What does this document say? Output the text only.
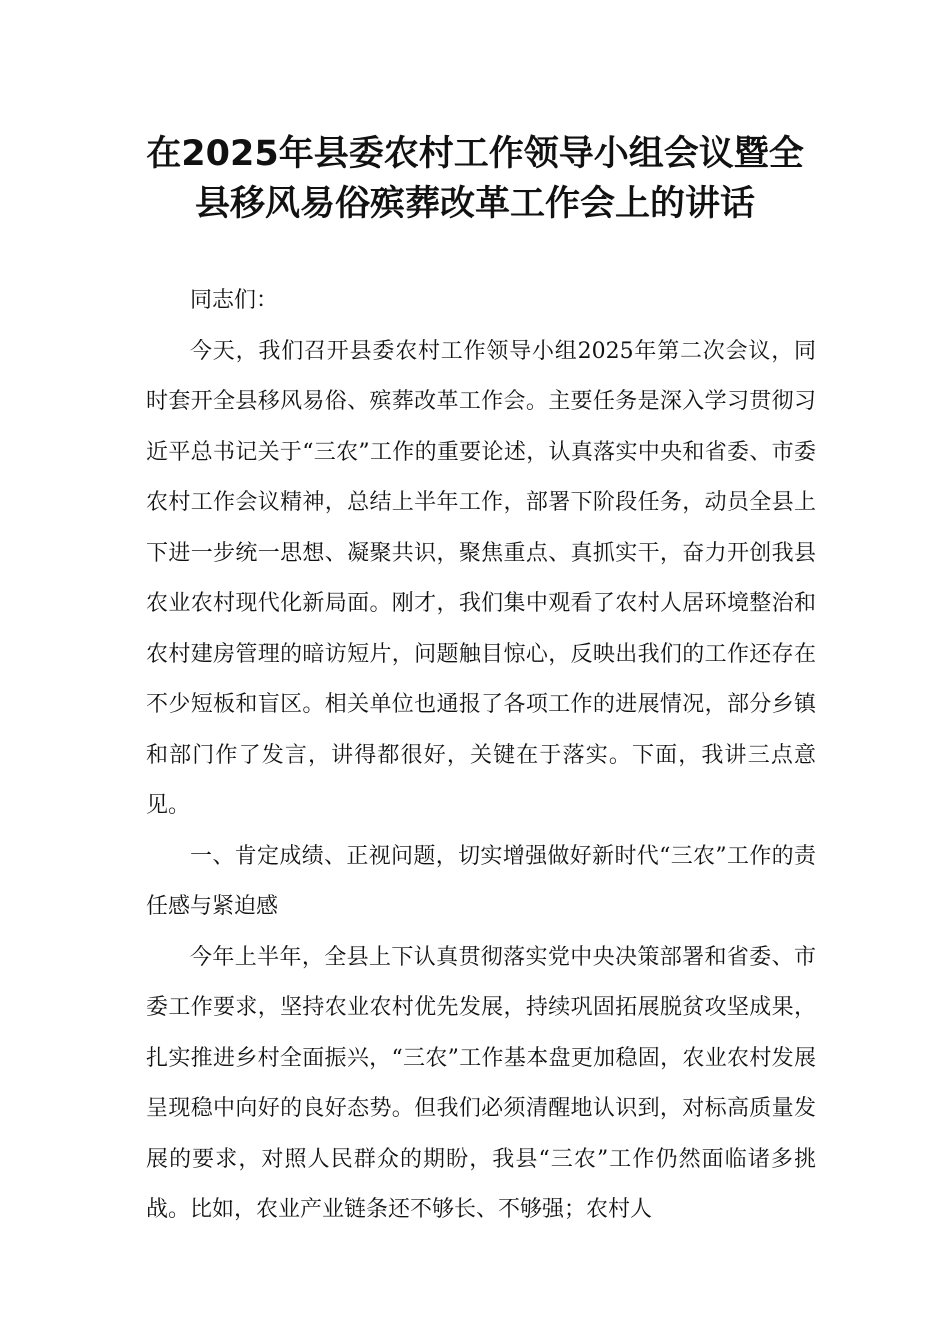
在2025年县委农村工作领导小组会议暨全
县移风易俗殡葬改革工作会上的讲话

同志们：

今天，我们召开县委农村工作领导小组2025年第二次会议，同时套开全县移风易俗、殡葬改革工作会。主要任务是深入学习贯彻习近平总书记关于“三农”工作的重要论述，认真落实中央和省委、市委农村工作会议精神，总结上半年工作，部署下阶段任务，动员全县上下进一步统一思想、凝聚共识，聚焦重点、真抓实干，奋力开创我县农业农村现代化新局面。刚才，我们集中观看了农村人居环境整治和农村建房管理的暗访短片，问题触目惊心，反映出我们的工作还存在不少短板和盲区。相关单位也通报了各项工作的进展情况，部分乡镇和部门作了发言，讲得都很好，关键在于落实。下面，我讲三点意见。

一、肯定成绩、正视问题，切实增强做好新时代“三农”工作的责任感与紧迫感

今年上半年，全县上下认真贯彻落实党中央决策部署和省委、市委工作要求，坚持农业农村优先发展，持续巩固拓展脱贫攻坚成果，扎实推进乡村全面振兴，“三农”工作基本盘更加稳固，农业农村发展呈现稳中向好的良好态势。但我们必须清醒地认识到，对标高质量发展的要求，对照人民群众的期盼，我县“三农”工作仍然面临诸多挑战。比如，农业产业链条还不够长、不够强；农村人
